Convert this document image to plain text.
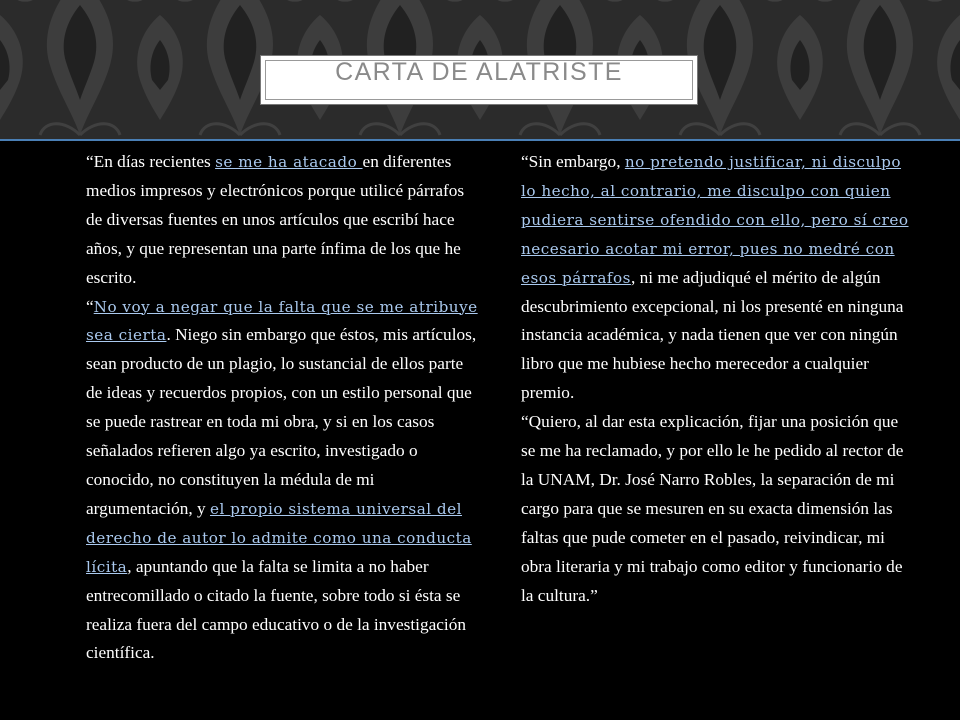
CARTA DE ALATRISTE

“En días recientes se me ha atacado en diferentes medios impresos y electrónicos porque utilicé párrafos de diversas fuentes en unos artículos que escribí hace años, y que representan una parte ínfima de los que he escrito.

“No voy a negar que la falta que se me atribuye sea cierta. Niego sin embargo que éstos, mis artículos, sean producto de un plagio, lo sustancial de ellos parte de ideas y recuerdos propios, con un estilo personal que se puede rastrear en toda mi obra, y si en los casos señalados refieren algo ya escrito, investigado o conocido, no constituyen la médula de mi argumentación, y el propio sistema universal del derecho de autor lo admite como una conducta lícita, apuntando que la falta se limita a no haber entrecomillado o citado la fuente, sobre todo si ésta se realiza fuera del campo educativo o de la investigación científica.

“Sin embargo, no pretendo justificar, ni disculpo lo hecho, al contrario, me disculpo con quien pudiera sentirse ofendido con ello, pero sí creo necesario acotar mi error, pues no medré con esos párrafos, ni me adjudiqué el mérito de algún descubrimiento excepcional, ni los presenté en ninguna instancia académica, y nada tienen que ver con ningún libro que me hubiese hecho merecedor a cualquier premio.

“Quiero, al dar esta explicación, fijar una posición que se me ha reclamado, y por ello le he pedido al rector de la UNAM, Dr. José Narro Robles, la separación de mi cargo para que se mesuren en su exacta dimensión las faltas que pude cometer en el pasado, reivindicar, mi obra literaria y mi trabajo como editor y funcionario de la cultura.”
